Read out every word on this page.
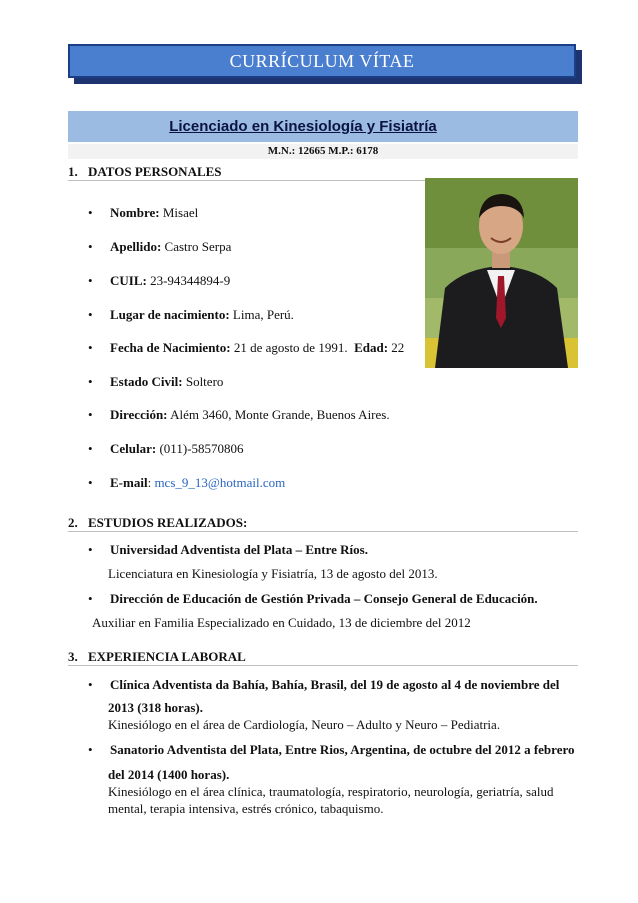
CURRÍCULUM VÍTAE
Licenciado en Kinesiología y Fisiatría
M.N.: 12665 M.P.: 6178
1. DATOS PERSONALES
• Nombre: Misael
• Apellido: Castro Serpa
• CUIL: 23-94344894-9
• Lugar de nacimiento: Lima, Perú.
• Fecha de Nacimiento: 21 de agosto de 1991.  Edad: 22
• Estado Civil: Soltero
• Dirección: Além 3460, Monte Grande, Buenos Aires.
• Celular: (011)-58570806
• E-mail: mcs_9_13@hotmail.com
2. ESTUDIOS REALIZADOS:
• Universidad Adventista del Plata – Entre Ríos.
Licenciatura en Kinesiología y Fisiatría, 13 de agosto del 2013.
• Dirección de Educación de Gestión Privada – Consejo General de Educación.
Auxiliar en Familia Especializado en Cuidado, 13 de diciembre del 2012
3. EXPERIENCIA LABORAL
• Clínica Adventista da Bahía, Bahía, Brasil, del 19 de agosto al 4 de noviembre del
2013 (318 horas).
Kinesiólogo en el área de Cardiología, Neuro – Adulto y Neuro – Pediatria.
• Sanatorio Adventista del Plata, Entre Rios, Argentina, de octubre del 2012 a febrero
del 2014 (1400 horas).
Kinesiólogo en el área clínica, traumatología, respiratorio, neurología, geriatría, salud
mental, terapia intensiva, estrés crónico, tabaquismo.
